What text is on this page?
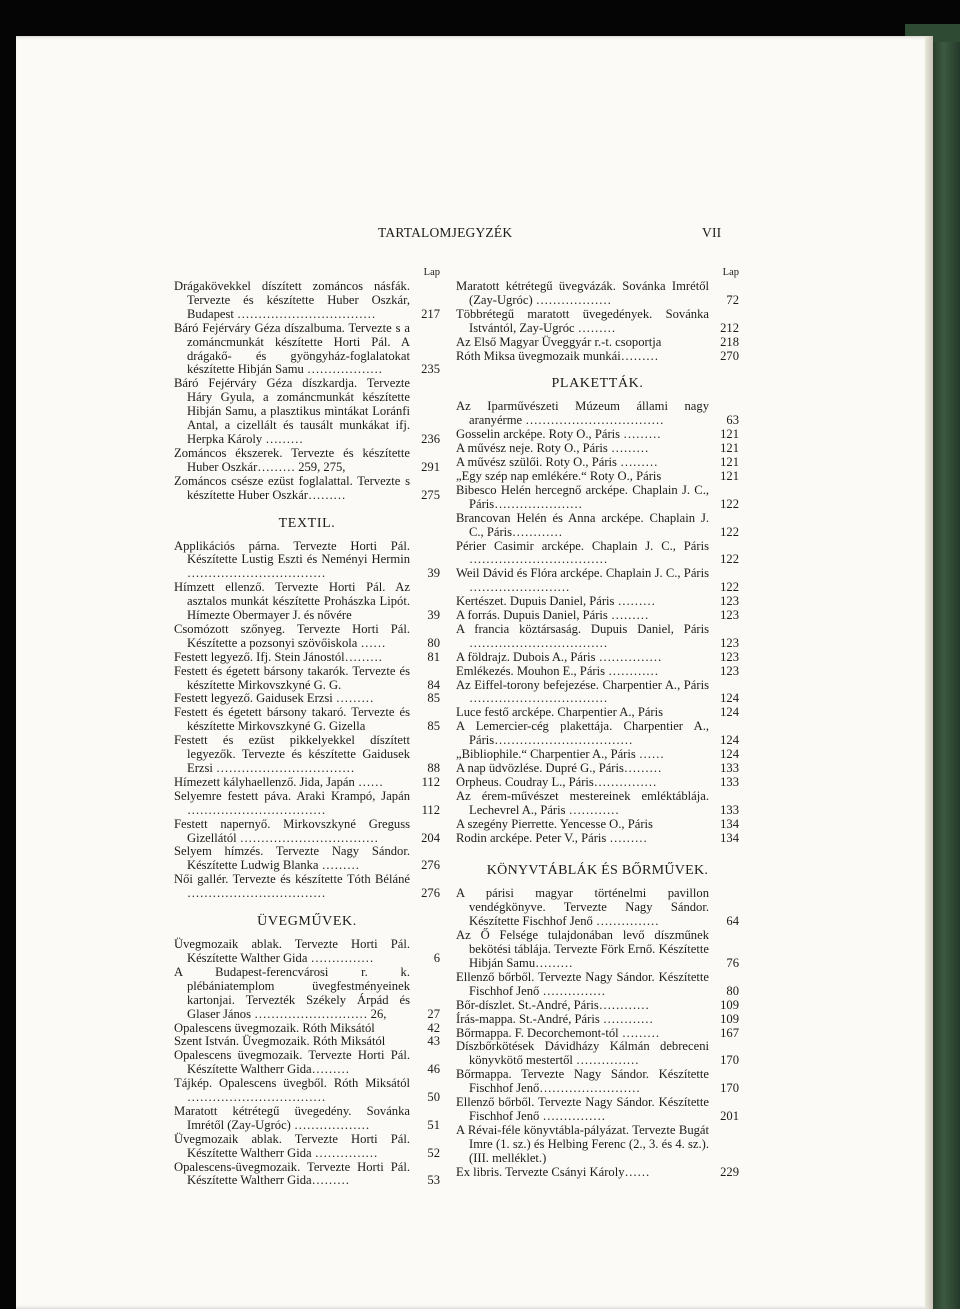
TARTALOMJEGYZÉK	VII
Lap
Drágakövekkel díszített zománcos násfák. Tervezte és készítette Huber Oszkár, Budapest ……………………………	217
Báró Fejérváry Géza díszalbuma. Tervezte s a zománcmunkát készítette Horti Pál. A drágakő- és gyöngyház-foglalatokat készítette Hibján Samu ………………	235
Báró Fejérváry Géza díszkardja. Tervezte Háry Gyula, a zománcmunkát készítette Hibján Samu, a plasztikus mintákat Loránfi Antal, a cizellált és tausált munkákat ifj. Herpka Károly ………	236
Zománcos ékszerek. Tervezte és készítette Huber Oszkár……… 259, 275,	291
Zománcos csésze ezüst foglalattal. Tervezte s készítette Huber Oszkár………	275
TEXTIL.
Applikációs párna. Tervezte Horti Pál. Készítette Lustig Eszti és Neményi Hermin ……………………………	39
Hímzett ellenző. Tervezte Horti Pál. Az asztalos munkát készítette Prohászka Lipót. Hímezte Obermayer J. és nővére	39
Csomózott szőnyeg. Tervezte Horti Pál. Készítette a pozsonyi szövőiskola ……	80
Festett legyező. Ifj. Stein Jánostól………	81
Festett és égetett bársony takarók. Tervezte és készítette Mirkovszkyné G. G.	84
Festett legyező. Gaidusek Erzsi ………	85
Festett és égetett bársony takaró. Tervezte és készítette Mirkovszkyné G. Gizella	85
Festett és ezüst pikkelyekkel díszített legyezők. Tervezte és készítette Gaidusek Erzsi ……………………………	88
Hímezett kályhaellenző. Jida, Japán ……	112
Selyemre festett páva. Araki Krampó, Japán ……………………………	112
Festett napernyő. Mirkovszkyné Greguss Gizellától ……………………………	204
Selyem hímzés. Tervezte Nagy Sándor. Készítette Ludwig Blanka ………	276
Női gallér. Tervezte és készítette Tóth Béláné ……………………………	276
ÜVEGMŰVEK.
Üvegmozaik ablak. Tervezte Horti Pál. Készítette Walther Gida ……………	6
A Budapest-ferencvárosi r. k. plébániatemplom üvegfestményeinek kartonjai. Tervezték Székely Árpád és Glaser János ……………………… 26,	27
Opalescens üvegmozaik. Róth Miksától	42
Szent István. Üvegmozaik. Róth Miksától	43
Opalescens üvegmozaik. Tervezte Horti Pál. Készítette Waltherr Gida………	46
Tájkép. Opalescens üvegből. Róth Miksától ……………………………	50
Maratott kétrétegű üvegedény. Sovánka Imrétől (Zay-Ugróc) ………………	51
Üvegmozaik ablak. Tervezte Horti Pál. Készítette Waltherr Gida ……………	52
Opalescens-üvegmozaik. Tervezte Horti Pál. Készítette Waltherr Gida………	53
Lap
Maratott kétrétegű üvegvázák. Sovánka Imrétől (Zay-Ugróc) ………………	72
Többrétegű maratott üvegedények. Sovánka Istvántól, Zay-Ugróc ………	212
Az Első Magyar Üveggyár r.-t. csoportja	218
Róth Miksa üvegmozaik munkái………	270
PLAKETTÁK.
Az Iparművészeti Múzeum állami nagy aranyérme ……………………………	63
Gosselin arcképe. Roty O., Páris ………	121
A művész neje. Roty O., Páris ………	121
A művész szülői. Roty O., Páris ………	121
„Egy szép nap emlékére.“ Roty O., Páris	121
Bibesco Helén hercegnő arcképe. Chaplain J. C., Páris…………………	122
Brancovan Helén és Anna arcképe. Chaplain J. C., Páris…………	122
Périer Casimir arcképe. Chaplain J. C., Páris ……………………………	122
Weil Dávid és Flóra arcképe. Chaplain J. C., Páris ……………………	122
Kertészet. Dupuis Daniel, Páris ………	123
A forrás. Dupuis Daniel, Páris ………	123
A francia köztársaság. Dupuis Daniel, Páris ……………………………	123
A földrajz. Dubois A., Páris ……………	123
Emlékezés. Mouhon E., Páris …………	123
Az Eiffel-torony befejezése. Charpentier A., Páris ……………………………	124
Luce festő arcképe. Charpentier A., Páris	124
A Lemercier-cég plakettája. Charpentier A., Páris……………………………	124
„Bibliophile.“ Charpentier A., Páris ……	124
A nap üdvözlése. Dupré G., Páris………	133
Orpheus. Coudray L., Páris……………	133
Az érem-művészet mestereinek emléktáblája. Lechevrel A., Páris …………	133
A szegény Pierrette. Yencesse O., Páris	134
Rodin arcképe. Peter V., Páris ………	134
KÖNYVTÁBLÁK ÉS BŐRMŰVEK.
A párisi magyar történelmi pavillon vendégkönyve. Tervezte Nagy Sándor. Készítette Fischhof Jenő ……………	64
Az Ő Felsége tulajdonában levő díszműnek bekötési táblája. Tervezte Förk Ernő. Készítette Hibján Samu………	76
Ellenző bőrből. Tervezte Nagy Sándor. Készítette Fischhof Jenő ……………	80
Bőr-díszlet. St.-André, Páris…………	109
Írás-mappa. St.-André, Páris …………	109
Bőrmappa. F. Decorchemont-tól ………	167
Díszbőrkötések Dávidházy Kálmán debreceni könyvkötő mestertől ……………	170
Bőrmappa. Tervezte Nagy Sándor. Készítette Fischhof Jenő……………………	170
Ellenző bőrből. Tervezte Nagy Sándor. Készítette Fischhof Jenő ……………	201
A Révai-féle könyvtábla-pályázat. Tervezte Bugát Imre (1. sz.) és Helbing Ferenc (2., 3. és 4. sz.). (III. melléklet.)
Ex libris. Tervezte Csányi Károly……	229
